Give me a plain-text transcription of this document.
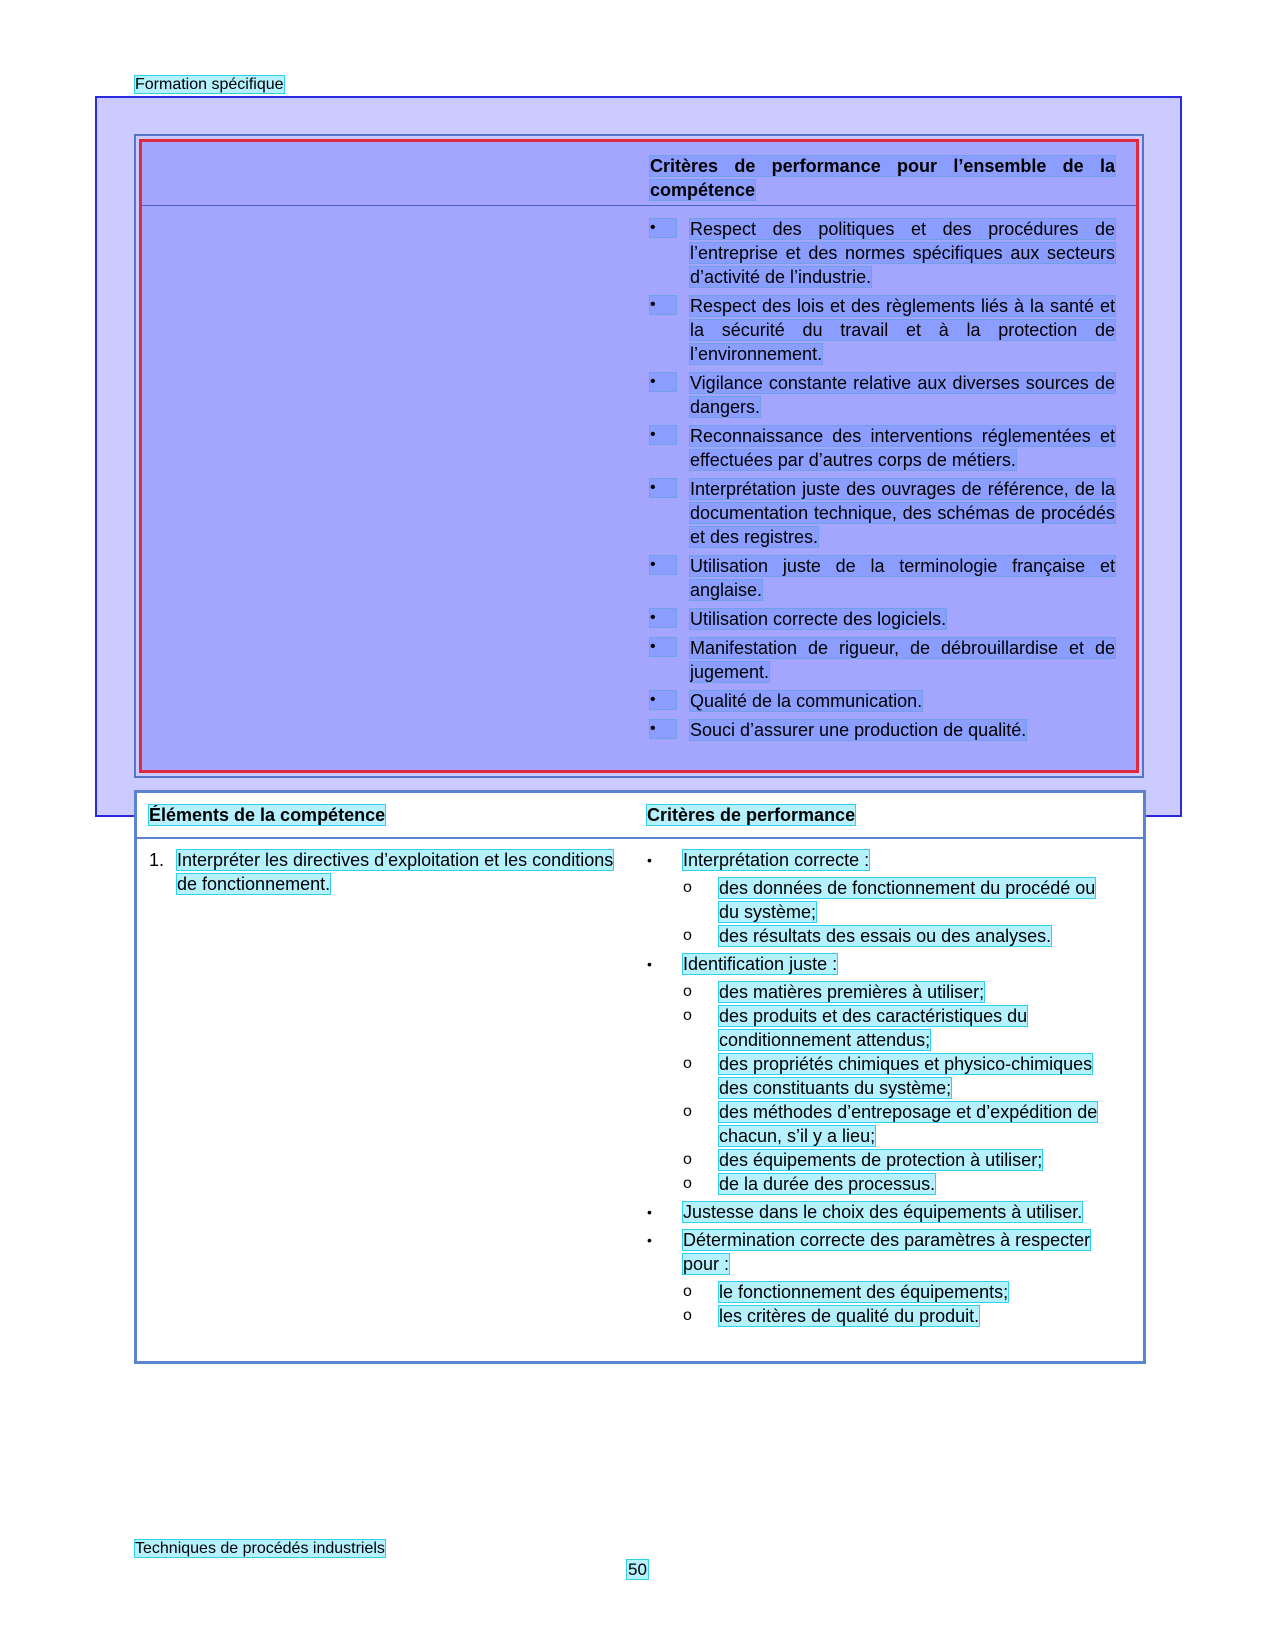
Formation spécifique
Critères de performance pour l’ensemble de la compétence
•	Respect des politiques et des procédures de l’entreprise et des normes spécifiques aux secteurs d’activité de l’industrie.
•	Respect des lois et des règlements liés à la santé et la sécurité du travail et à la protection de l’environnement.
•	Vigilance constante relative aux diverses sources de dangers.
•	Reconnaissance des interventions réglementées et effectuées par d’autres corps de métiers.
•	Interprétation juste des ouvrages de référence, de la documentation technique, des schémas de procédés et des registres.
•	Utilisation juste de la terminologie française et anglaise.
•	Utilisation correcte des logiciels.
•	Manifestation de rigueur, de débrouillardise et de jugement.
•	Qualité de la communication.
•	Souci d’assurer une production de qualité.
Éléments de la compétence	Critères de performance
1. Interpréter les directives d’exploitation et les conditions de fonctionnement.
•	Interprétation correcte :
o des données de fonctionnement du procédé ou du système;
o des résultats des essais ou des analyses.
•	Identification juste :
o des matières premières à utiliser;
o des produits et des caractéristiques du conditionnement attendus;
o des propriétés chimiques et physico-chimiques des constituants du système;
o des méthodes d’entreposage et d’expédition de chacun, s’il y a lieu;
o des équipements de protection à utiliser;
o de la durée des processus.
•	Justesse dans le choix des équipements à utiliser.
•	Détermination correcte des paramètres à respecter pour :
o le fonctionnement des équipements;
o les critères de qualité du produit.
Techniques de procédés industriels
50
